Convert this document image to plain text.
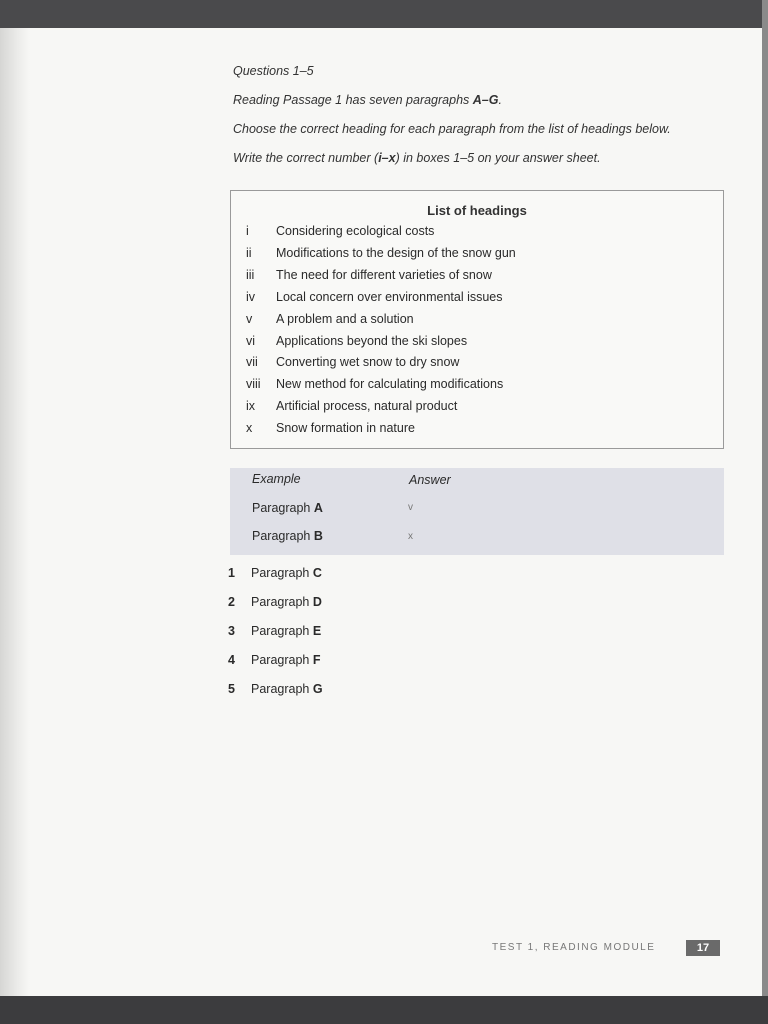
Questions 1–5
Reading Passage 1 has seven paragraphs A–G.
Choose the correct heading for each paragraph from the list of headings below.
Write the correct number (i–x) in boxes 1–5 on your answer sheet.
List of headings
i	Considering ecological costs
ii	Modifications to the design of the snow gun
iii	The need for different varieties of snow
iv	Local concern over environmental issues
v	A problem and a solution
vi	Applications beyond the ski slopes
vii	Converting wet snow to dry snow
viii	New method for calculating modifications
ix	Artificial process, natural product
x	Snow formation in nature
Example	Answer
Paragraph A	v
Paragraph B	x
1 Paragraph C
2 Paragraph D
3 Paragraph E
4 Paragraph F
5 Paragraph G
TEST 1, READING MODULE	17
